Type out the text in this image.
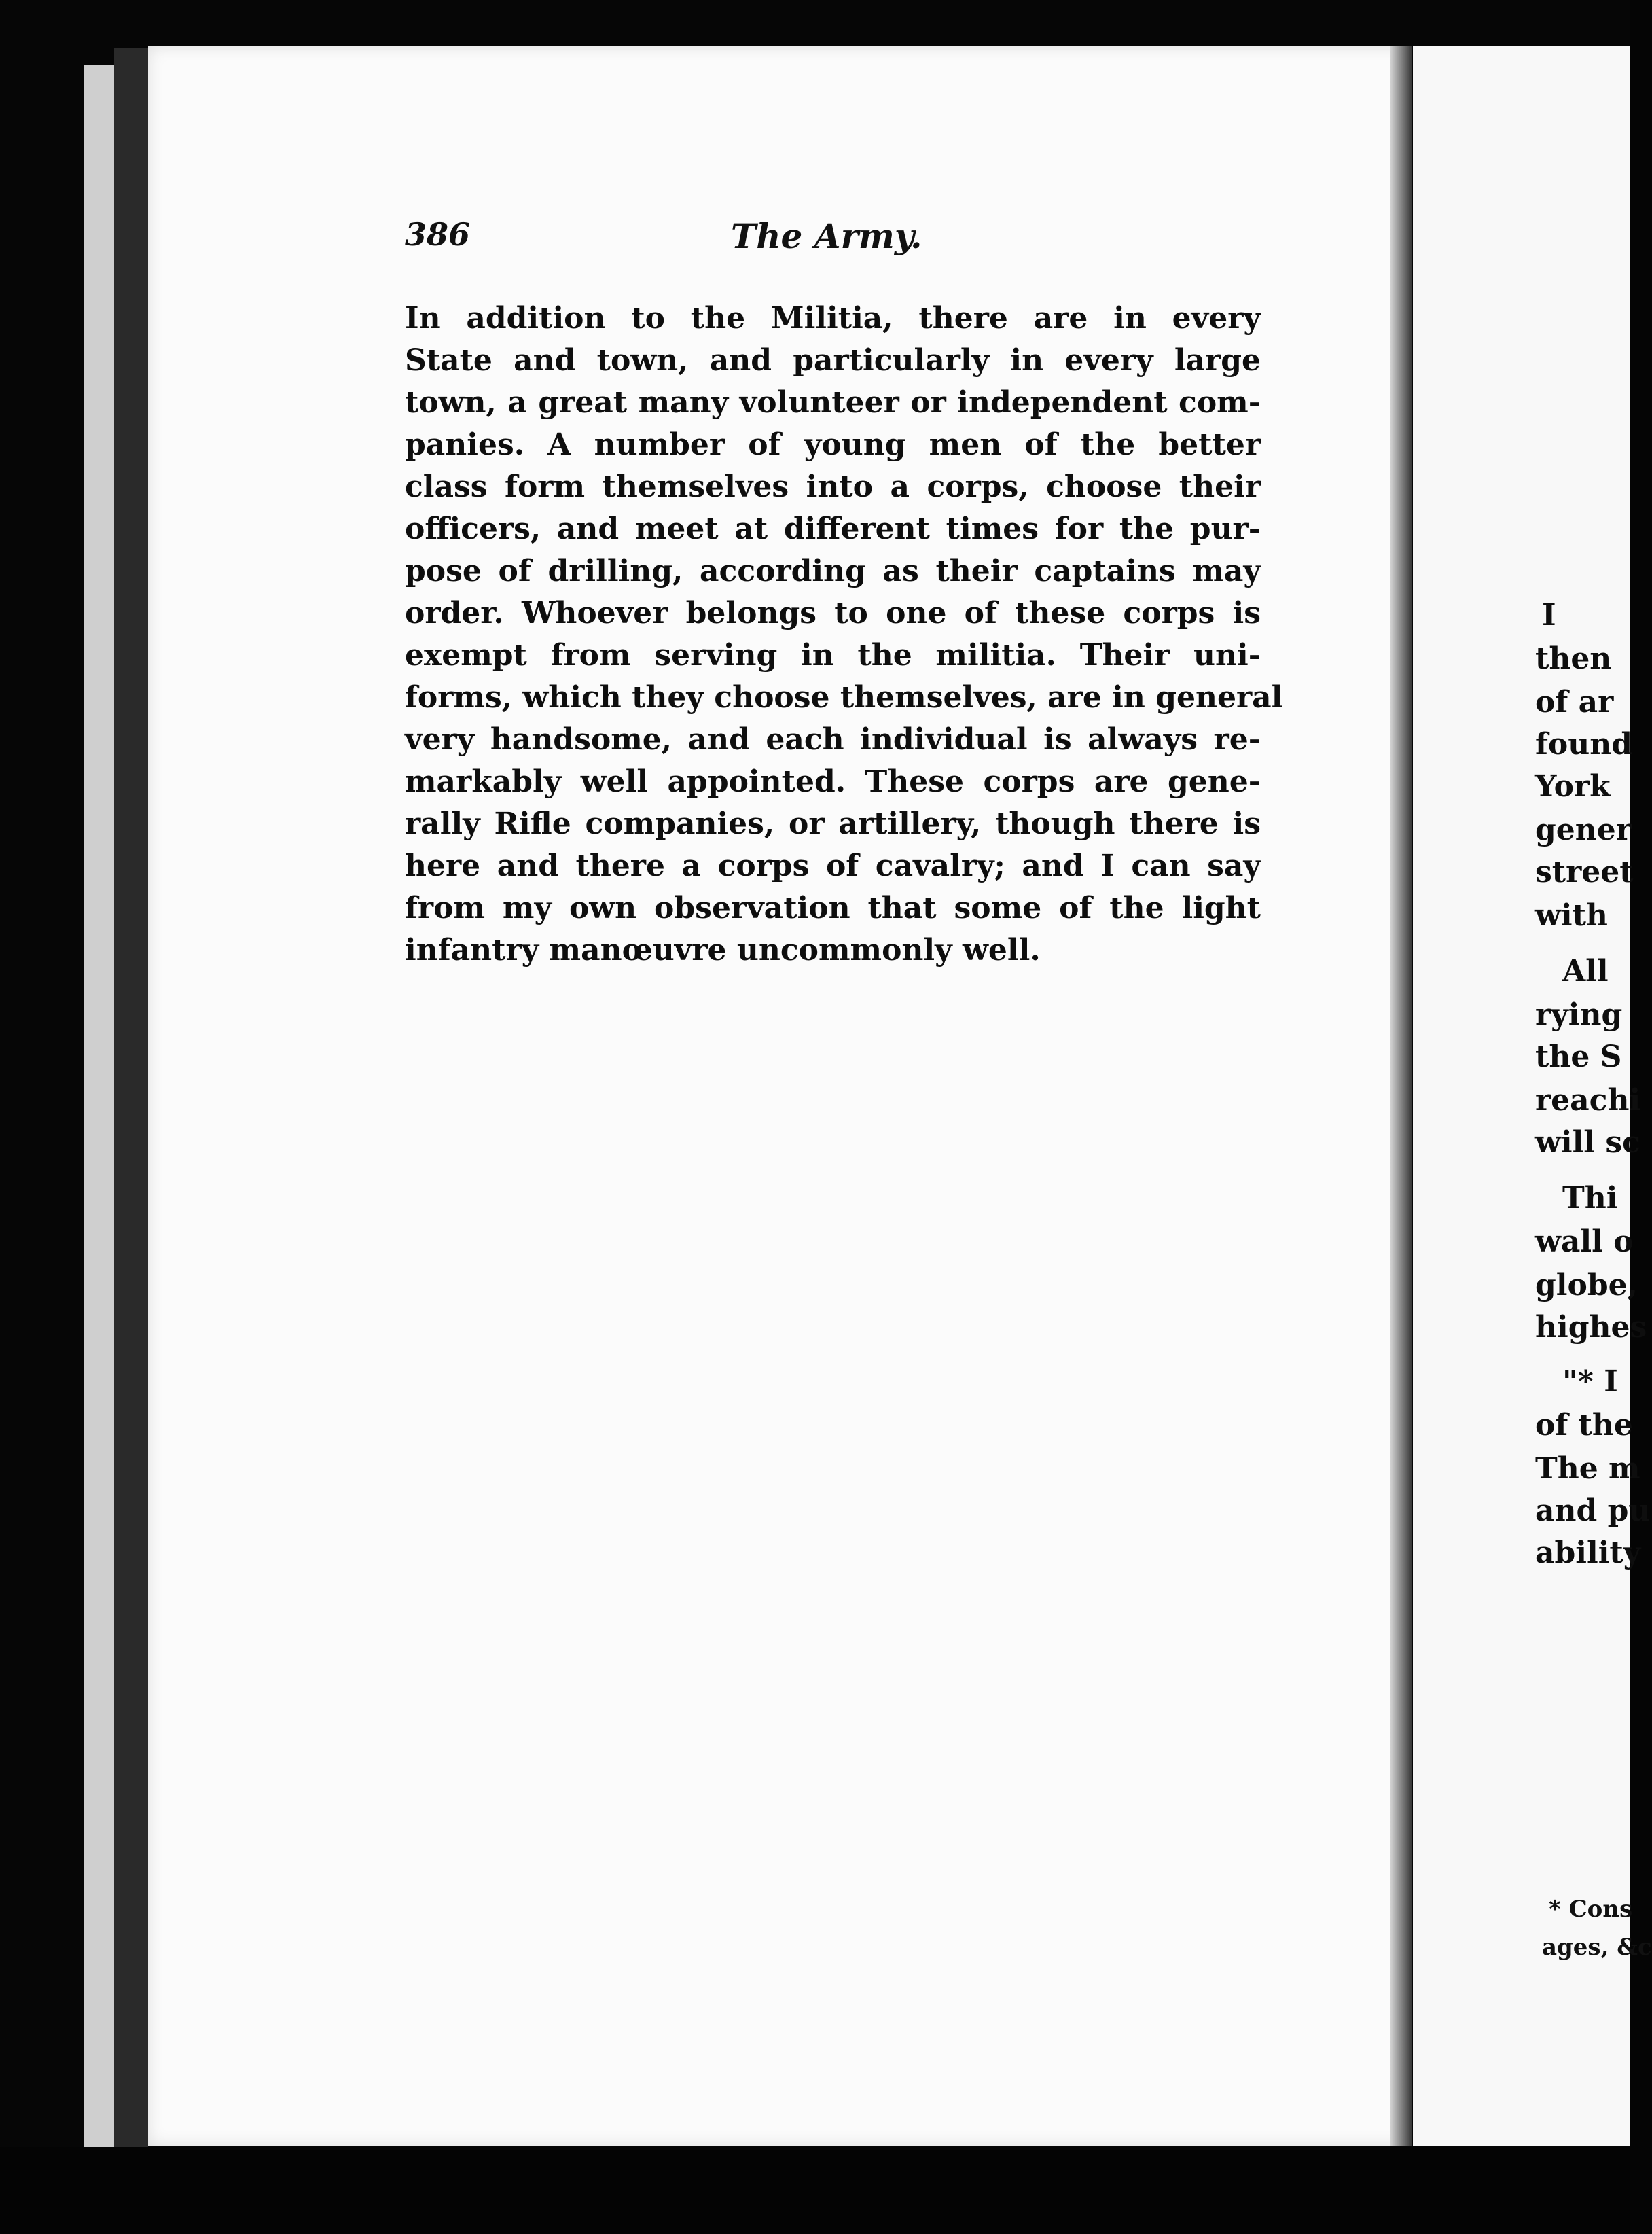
386	The Army.
In addition to the Militia, there are in every
State and town, and particularly in every large
town, a great many volunteer or independent com-
panies. A number of young men of the better
class form themselves into a corps, choose their
officers, and meet at different times for the pur-
pose of drilling, according as their captains may
order. Whoever belongs to one of these corps is
exempt from serving in the militia. Their uni-
forms, which they choose themselves, are in general
very handsome, and each individual is always re-
markably well appointed. These corps are gene-
rally Rifle companies, or artillery, though there is
here and there a corps of cavalry; and I can say
from my own observation that some of the light
infantry manœuvre uncommonly well.
I
then
of ar
found
York
gener
street
with
All
rying
the S
reachi
will sc
Thi
wall o
globe,
highes
"* I
of the
The m
and pu
ability
* Cons
ages, &c
